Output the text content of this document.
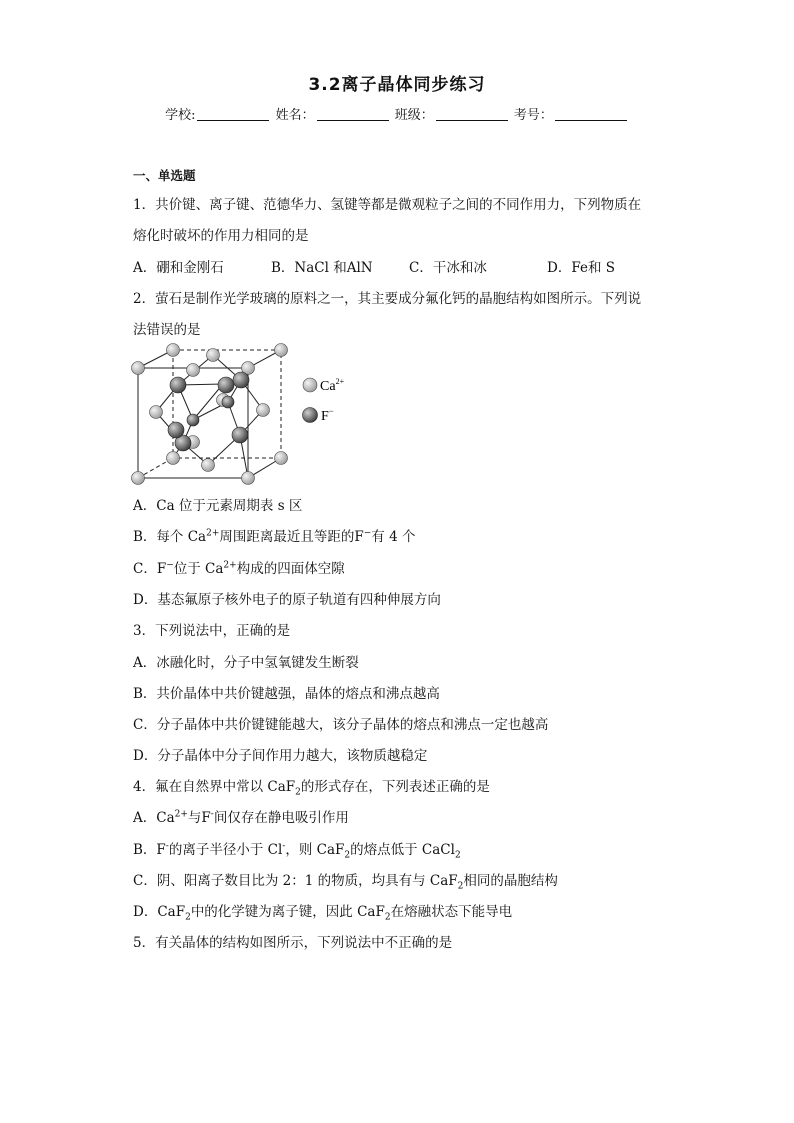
3.2离子晶体同步练习
学校:	姓名：	班级：	考号：
一、单选题
1．共价键、离子键、范德华力、氢键等都是微观粒子之间的不同作用力，下列物质在
熔化时破坏的作用力相同的是
A．硼和金刚石	B．NaCl 和AlN	C．干冰和冰	D．Fe和 S
2．萤石是制作光学玻璃的原料之一，其主要成分氟化钙的晶胞结构如图所示。下列说
法错误的是
$Ca^{2+}$
F−
A．Ca 位于元素周期表 s 区
B．每个 $Ca^{2+}$周围距离最近且等距的F−有 4 个
C．F−位于 $Ca^{2+}$构成的四面体空隙
D．基态氟原子核外电子的原子轨道有四种伸展方向
3．下列说法中，正确的是
A．冰融化时，分子中氢氧键发生断裂
B．共价晶体中共价键越强，晶体的熔点和沸点越高
C．分子晶体中共价键键能越大，该分子晶体的熔点和沸点一定也越高
D．分子晶体中分子间作用力越大，该物质越稳定
4．氟在自然界中常以 CaF$_2$的形式存在，下列表述正确的是
A．$Ca^{2+}$与F-间仅存在静电吸引作用
B．F-的离子半径小于 Cl-，则 CaF$_2$的熔点低于 CaCl$_2$
C．阴、阳离子数目比为 2：1 的物质，均具有与 CaF$_2$相同的晶胞结构
D．CaF$_2$中的化学键为离子键，因此 CaF$_2$在熔融状态下能导电
5．有关晶体的结构如图所示，下列说法中不正确的是
